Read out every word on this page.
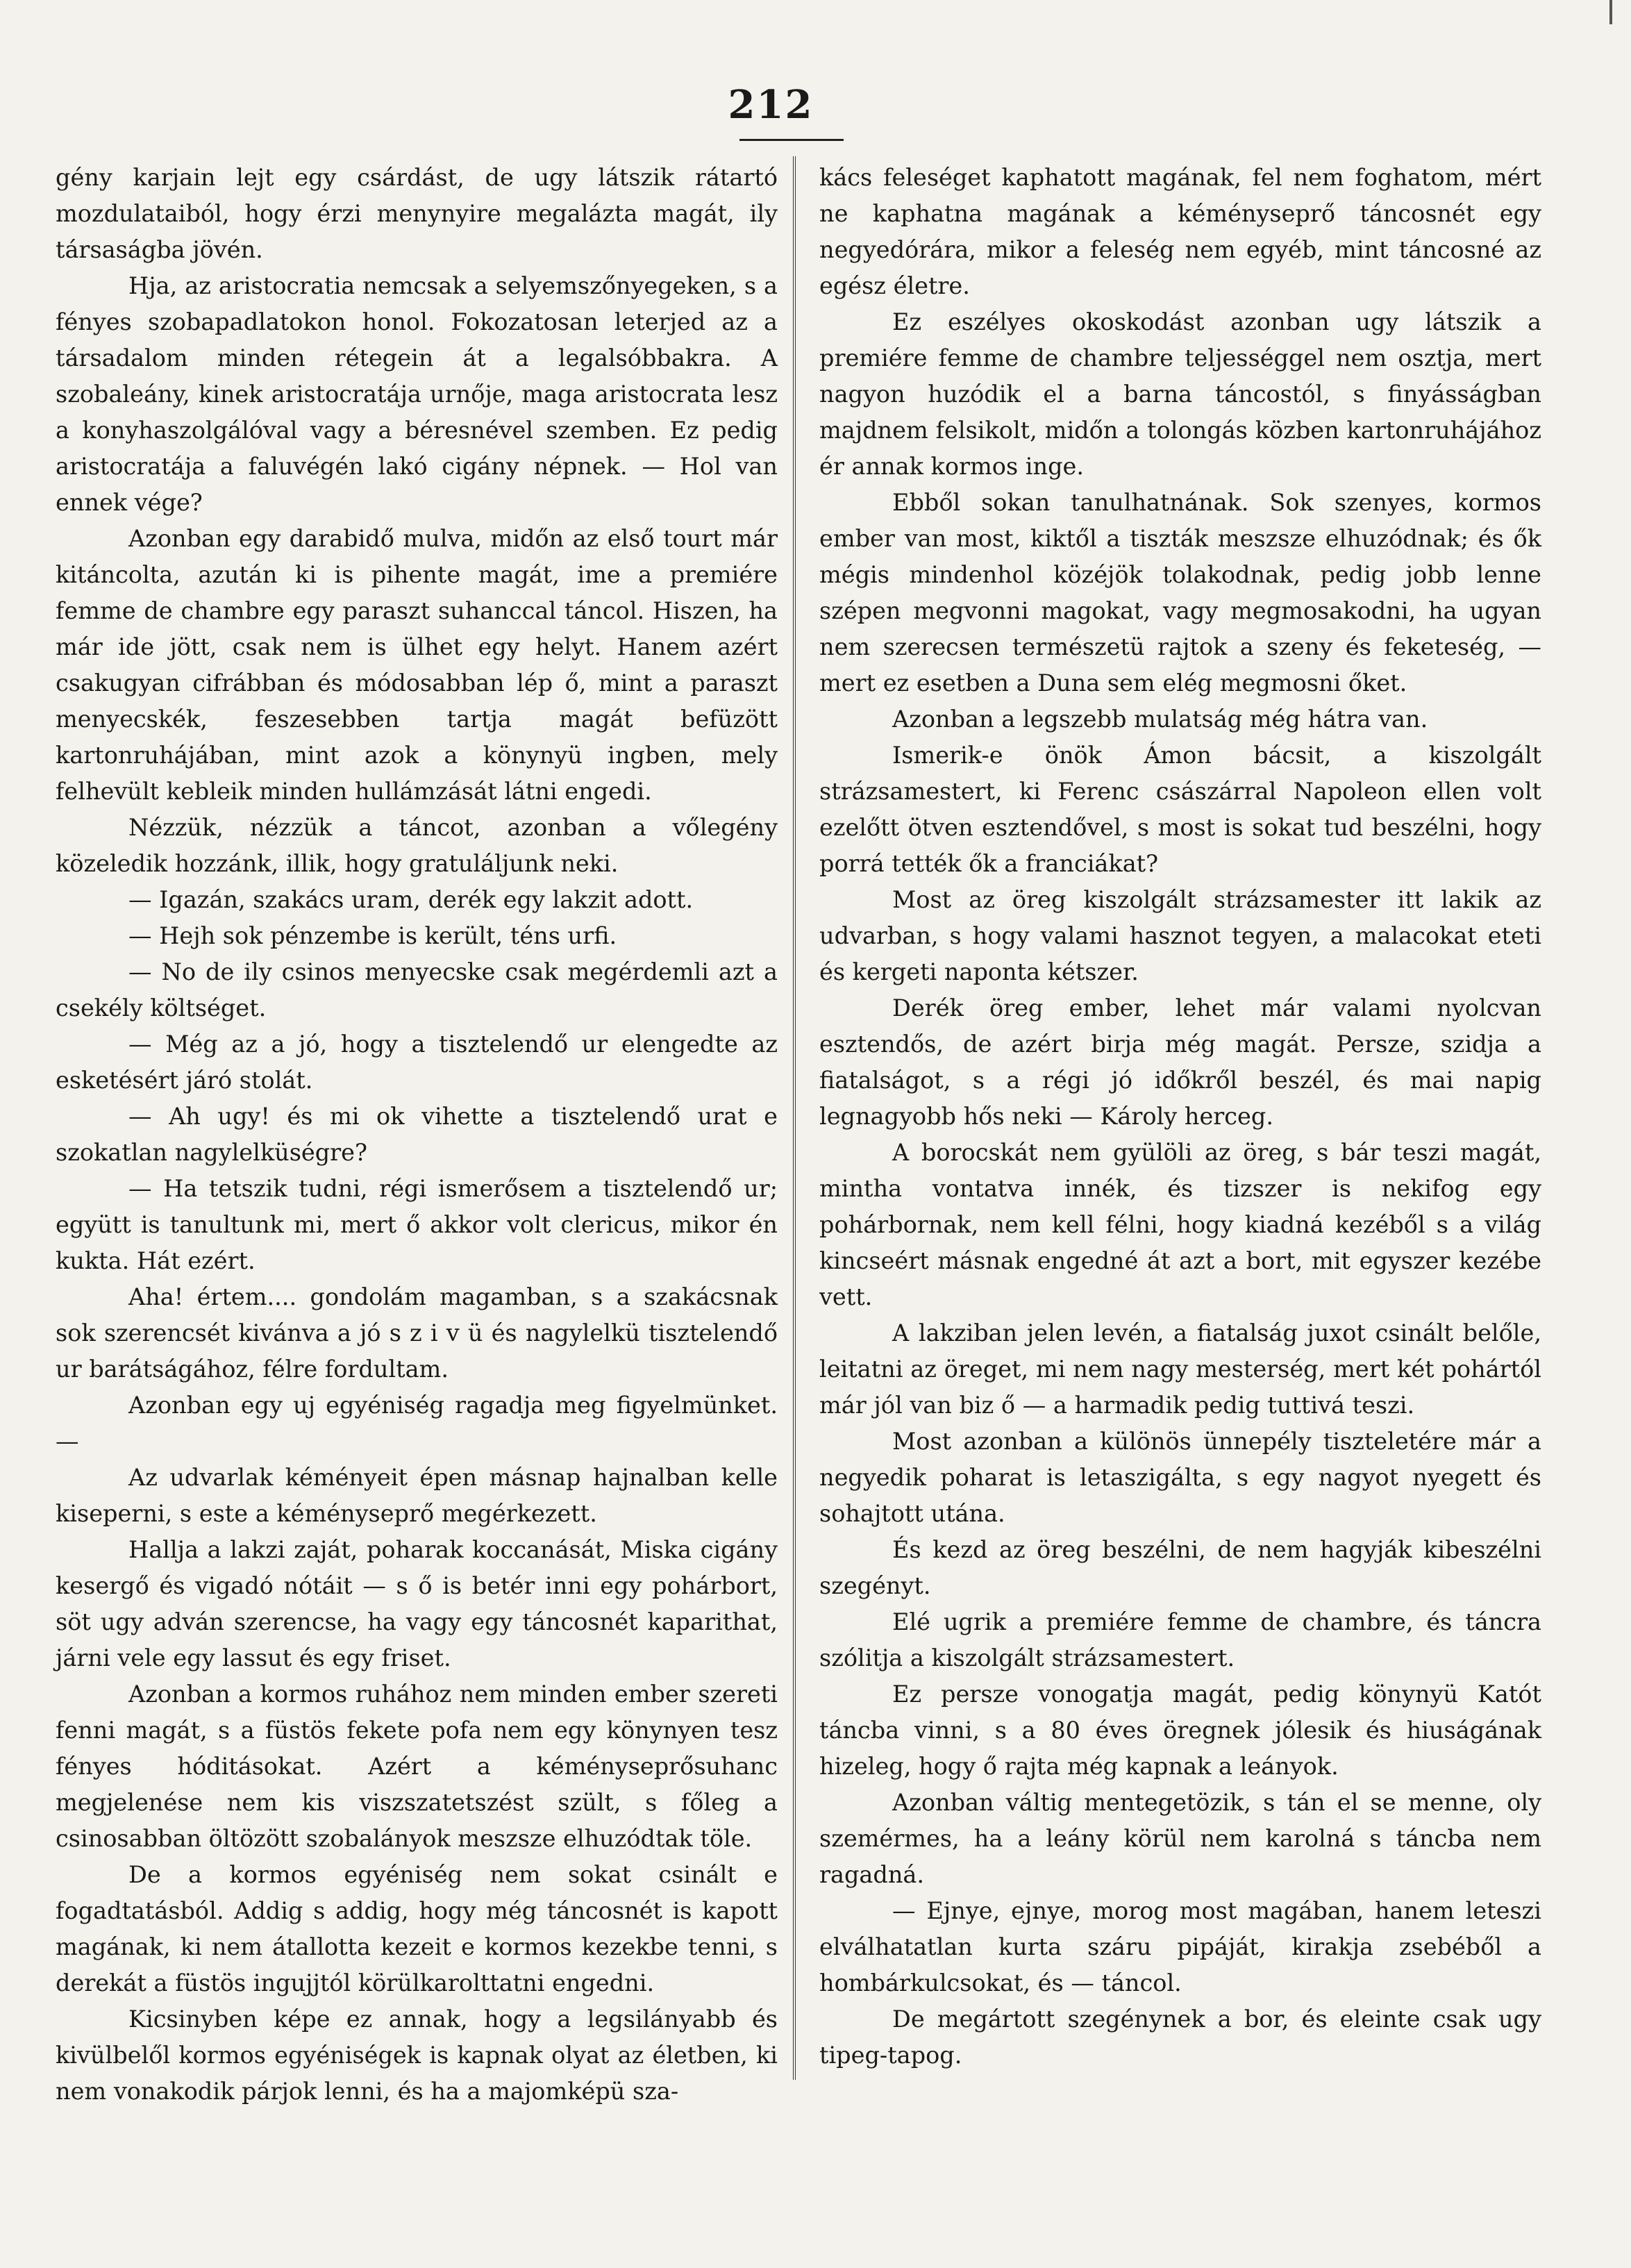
212

gény karjain lejt egy csárdást, de ugy látszik rátartó mozdulataiból, hogy érzi menynyire megalázta magát, ily társaságba jövén.

Hja, az aristocratia nemcsak a selyemszőnyegeken, s a fényes szobapadlatokon honol. Fokozatosan leterjed az a társadalom minden rétegein át a legalsóbbakra. A szobaleány, kinek aristocratája urnője, maga aristocrata lesz a konyhaszolgálóval vagy a béresnével szemben. Ez pedig aristocratája a faluvégén lakó cigány népnek. — Hol van ennek vége?

Azonban egy darabidő mulva, midőn az első tourt már kitáncolta, azután ki is pihente magát, ime a premiére femme de chambre egy paraszt suhanccal táncol. Hiszen, ha már ide jött, csak nem is ülhet egy helyt. Hanem azért csakugyan cifrábban és módosabban lép ő, mint a paraszt menyecskék, feszesebben tartja magát befüzött kartonruhájában, mint azok a könynyü ingben, mely felhevült kebleik minden hullámzását látni engedi.

Nézzük, nézzük a táncot, azonban a vőlegény közeledik hozzánk, illik, hogy gratuláljunk neki.

— Igazán, szakács uram, derék egy lakzit adott.

— Hejh sok pénzembe is került, téns urfi.

— No de ily csinos menyecske csak megérdemli azt a csekély költséget.

— Még az a jó, hogy a tisztelendő ur elengedte az esketésért járó stolát.

— Ah ugy! és mi ok vihette a tisztelendő urat e szokatlan nagylelküségre?

— Ha tetszik tudni, régi ismerősem a tisztelendő ur; együtt is tanultunk mi, mert ő akkor volt clericus, mikor én kukta. Hát ezért.

Aha! értem.... gondolám magamban, s a szakácsnak sok szerencsét kivánva a jó s z i v ü és nagylelkü tisztelendő ur barátságához, félre fordultam.

Azonban egy uj egyéniség ragadja meg figyelmünket. —

Az udvarlak kéményeit épen másnap hajnalban kelle kiseperni, s este a kéményseprő megérkezett.

Hallja a lakzi zaját, poharak koccanását, Miska cigány kesergő és vigadó nótáit — s ő is betér inni egy pohárbort, söt ugy adván szerencse, ha vagy egy táncosnét kaparithat, járni vele egy lassut és egy friset.

Azonban a kormos ruhához nem minden ember szereti fenni magát, s a füstös fekete pofa nem egy könynyen tesz fényes hóditásokat. Azért a kéményseprősuhanc megjelenése nem kis viszszatetszést szült, s főleg a csinosabban öltözött szobalányok meszsze elhuzódtak töle.

De a kormos egyéniség nem sokat csinált e fogadtatásból. Addig s addig, hogy még táncosnét is kapott magának, ki nem átallotta kezeit e kormos kezekbe tenni, s derekát a füstös ingujjtól körülkarolttatni engedni.

Kicsinyben képe ez annak, hogy a legsilányabb és kivülbelől kormos egyéniségek is kapnak olyat az életben, ki nem vonakodik párjok lenni, és ha a majomképü sza-

kács feleséget kaphatott magának, fel nem foghatom, mért ne kaphatna magának a kéményseprő táncosnét egy negyedórára, mikor a feleség nem egyéb, mint táncosné az egész életre.

Ez eszélyes okoskodást azonban ugy látszik a premiére femme de chambre teljességgel nem osztja, mert nagyon huzódik el a barna táncostól, s finyásságban majdnem felsikolt, midőn a tolongás közben kartonruhájához ér annak kormos inge.

Ebből sokan tanulhatnának. Sok szenyes, kormos ember van most, kiktől a tiszták meszsze elhuzódnak; és ők mégis mindenhol közéjök tolakodnak, pedig jobb lenne szépen megvonni magokat, vagy megmosakodni, ha ugyan nem szerecsen természetü rajtok a szeny és feketeség, — mert ez esetben a Duna sem elég megmosni őket.

Azonban a legszebb mulatság még hátra van.

Ismerik-e önök Ámon bácsit, a kiszolgált strázsamestert, ki Ferenc császárral Napoleon ellen volt ezelőtt ötven esztendővel, s most is sokat tud beszélni, hogy porrá tették ők a franciákat?

Most az öreg kiszolgált strázsamester itt lakik az udvarban, s hogy valami hasznot tegyen, a malacokat eteti és kergeti naponta kétszer.

Derék öreg ember, lehet már valami nyolcvan esztendős, de azért birja még magát. Persze, szidja a fiatalságot, s a régi jó időkről beszél, és mai napig legnagyobb hős neki — Károly herceg.

A borocskát nem gyülöli az öreg, s bár teszi magát, mintha vontatva innék, és tizszer is nekifog egy pohárbornak, nem kell félni, hogy kiadná kezéből s a világ kincseért másnak engedné át azt a bort, mit egyszer kezébe vett.

A lakziban jelen levén, a fiatalság juxot csinált belőle, leitatni az öreget, mi nem nagy mesterség, mert két pohártól már jól van biz ő — a harmadik pedig tuttivá teszi.

Most azonban a különös ünnepély tiszteletére már a negyedik poharat is letaszigálta, s egy nagyot nyegett és sohajtott utána.

És kezd az öreg beszélni, de nem hagyják kibeszélni szegényt.

Elé ugrik a premiére femme de chambre, és táncra szólitja a kiszolgált strázsamestert.

Ez persze vonogatja magát, pedig könynyü Katót táncba vinni, s a 80 éves öregnek jólesik és hiuságának hizeleg, hogy ő rajta még kapnak a leányok.

Azonban váltig mentegetözik, s tán el se menne, oly szemérmes, ha a leány körül nem karolná s táncba nem ragadná.

— Ejnye, ejnye, morog most magában, hanem leteszi elválhatatlan kurta száru pipáját, kirakja zsebéből a hombárkulcsokat, és — táncol.

De megártott szegénynek a bor, és eleinte csak ugy tipeg-tapog.
